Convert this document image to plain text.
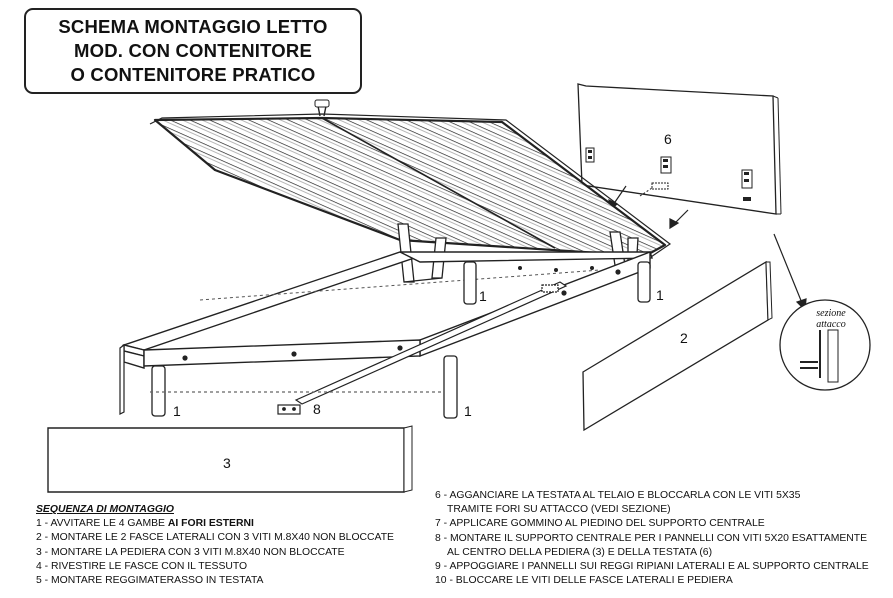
SCHEMA MONTAGGIO LETTO
MOD. CON CONTENITORE
O CONTENITORE PRATICO
6
1	1
2
3
1	1
8
sezione attacco
SEQUENZA DI MONTAGGIO
1 - AVVITARE LE 4 GAMBE AI FORI ESTERNI
2 - MONTARE LE 2 FASCE LATERALI CON 3 VITI M.8X40 NON BLOCCATE
3 - MONTARE LA PEDIERA CON 3 VITI M.8X40 NON BLOCCATE
4 - RIVESTIRE LE FASCE CON IL TESSUTO
5 - MONTARE REGGIMATERASSO IN TESTATA
6 - AGGANCIARE LA TESTATA AL TELAIO E BLOCCARLA CON LE VITI 5X35
TRAMITE FORI SU ATTACCO (VEDI SEZIONE)
7 - APPLICARE GOMMINO AL PIEDINO DEL SUPPORTO CENTRALE
8 - MONTARE IL SUPPORTO CENTRALE PER I PANNELLI CON VITI 5X20 ESATTAMENTE
AL CENTRO DELLA PEDIERA (3) E DELLA TESTATA (6)
9 - APPOGGIARE I PANNELLI SUI REGGI RIPIANI LATERALI E AL SUPPORTO CENTRALE
10 - BLOCCARE LE VITI DELLE FASCE LATERALI E PEDIERA
